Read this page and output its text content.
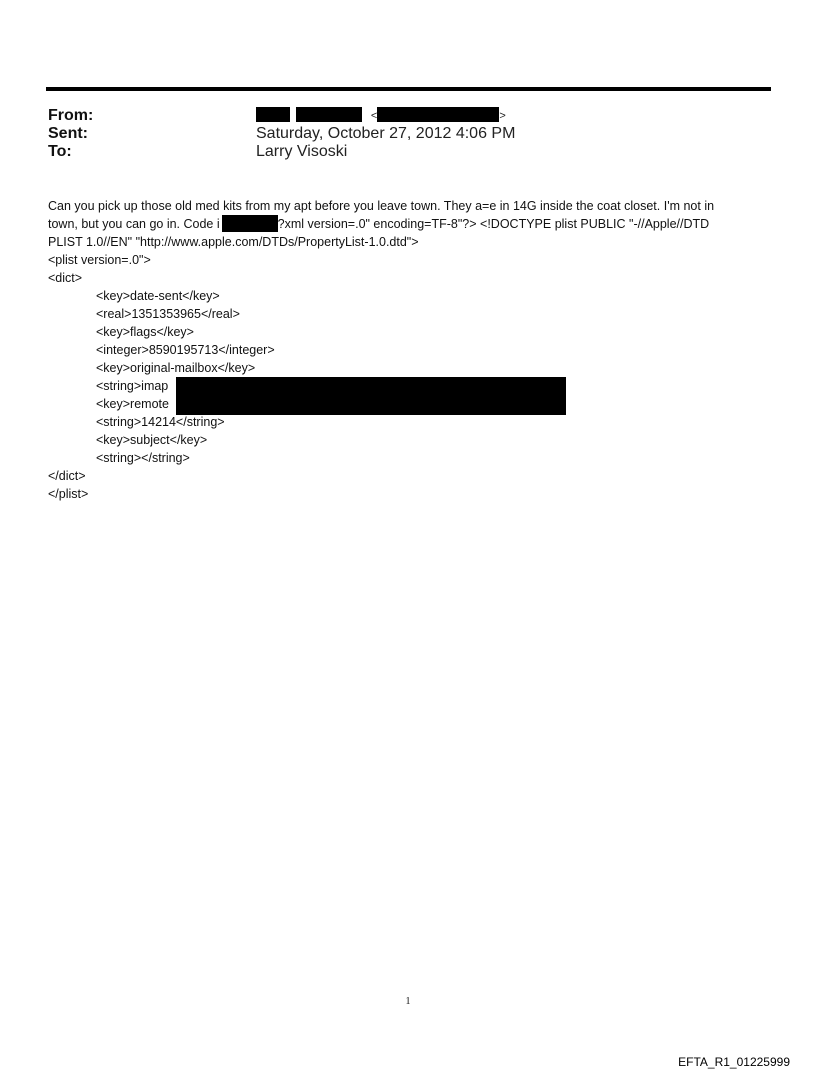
From:	<	>
Sent:	Saturday, October 27, 2012 4:06 PM
To:	Larry Visoski
Can you pick up those old med kits from my apt before you leave town. They a=e in 14G inside the coat closet. I'm not in
town, but you can go in. Code i	?xml version=.0" encoding=TF-8"?> <!DOCTYPE plist PUBLIC "-//Apple//DTD
PLIST 1.0//EN" "http://www.apple.com/DTDs/PropertyList-1.0.dtd">
<plist version=.0">
<dict>
<key>date-sent</key>
<real>1351353965</real>
<key>flags</key>
<integer>8590195713</integer>
<key>original-mailbox</key>
<string>imap
<key>remote
<string>14214</string>
<key>subject</key>
<string></string>
</dict>
</plist>
1
EFTA_R1_01225999
